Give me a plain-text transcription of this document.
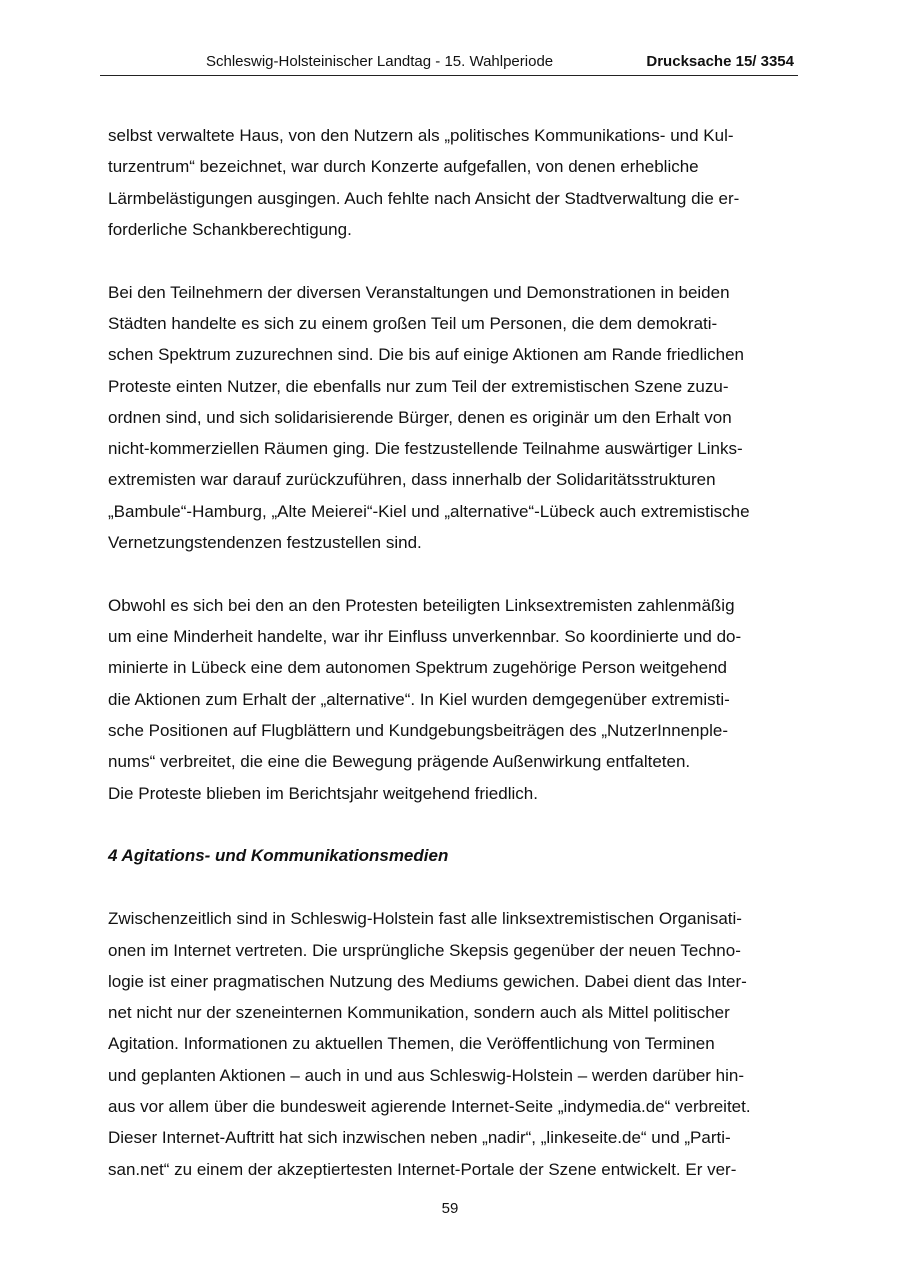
Schleswig-Holsteinischer Landtag - 15. Wahlperiode	Drucksache 15/ 3354

selbst verwaltete Haus, von den Nutzern als „politisches Kommunikations- und Kul-
turzentrum“ bezeichnet, war durch Konzerte aufgefallen, von denen erhebliche
Lärmbelästigungen ausgingen. Auch fehlte nach Ansicht der Stadtverwaltung die er-
forderliche Schankberechtigung.

Bei den Teilnehmern der diversen Veranstaltungen und Demonstrationen in beiden
Städten handelte es sich zu einem großen Teil um Personen, die dem demokrati-
schen Spektrum zuzurechnen sind. Die bis auf einige Aktionen am Rande friedlichen
Proteste einten Nutzer, die ebenfalls nur zum Teil der extremistischen Szene zuzu-
ordnen sind, und sich solidarisierende Bürger, denen es originär um den Erhalt von
nicht-kommerziellen Räumen ging. Die festzustellende Teilnahme auswärtiger Links-
extremisten war darauf zurückzuführen, dass innerhalb der Solidaritätsstrukturen
„Bambule“-Hamburg, „Alte Meierei“-Kiel und „alternative“-Lübeck auch extremistische
Vernetzungstendenzen festzustellen sind.

Obwohl es sich bei den an den Protesten beteiligten Linksextremisten zahlenmäßig
um eine Minderheit handelte, war ihr Einfluss unverkennbar. So koordinierte und do-
minierte in Lübeck eine dem autonomen Spektrum zugehörige Person weitgehend
die Aktionen zum Erhalt der „alternative“. In Kiel wurden demgegenüber extremisti-
sche Positionen auf Flugblättern und Kundgebungsbeiträgen des „NutzerInnenple-
nums“ verbreitet, die eine die Bewegung prägende Außenwirkung entfalteten.
Die Proteste blieben im Berichtsjahr weitgehend friedlich.

4 Agitations- und Kommunikationsmedien

Zwischenzeitlich sind in Schleswig-Holstein fast alle linksextremistischen Organisati-
onen im Internet vertreten. Die ursprüngliche Skepsis gegenüber der neuen Techno-
logie ist einer pragmatischen Nutzung des Mediums gewichen. Dabei dient das Inter-
net nicht nur der szeneinternen Kommunikation, sondern auch als Mittel politischer
Agitation. Informationen zu aktuellen Themen, die Veröffentlichung von Terminen
und geplanten Aktionen – auch in und aus Schleswig-Holstein – werden darüber hin-
aus vor allem über die bundesweit agierende Internet-Seite „indymedia.de“ verbreitet.
Dieser Internet-Auftritt hat sich inzwischen neben „nadir“, „linkeseite.de“ und „Parti-
san.net“ zu einem der akzeptiertesten Internet-Portale der Szene entwickelt. Er ver-

59
